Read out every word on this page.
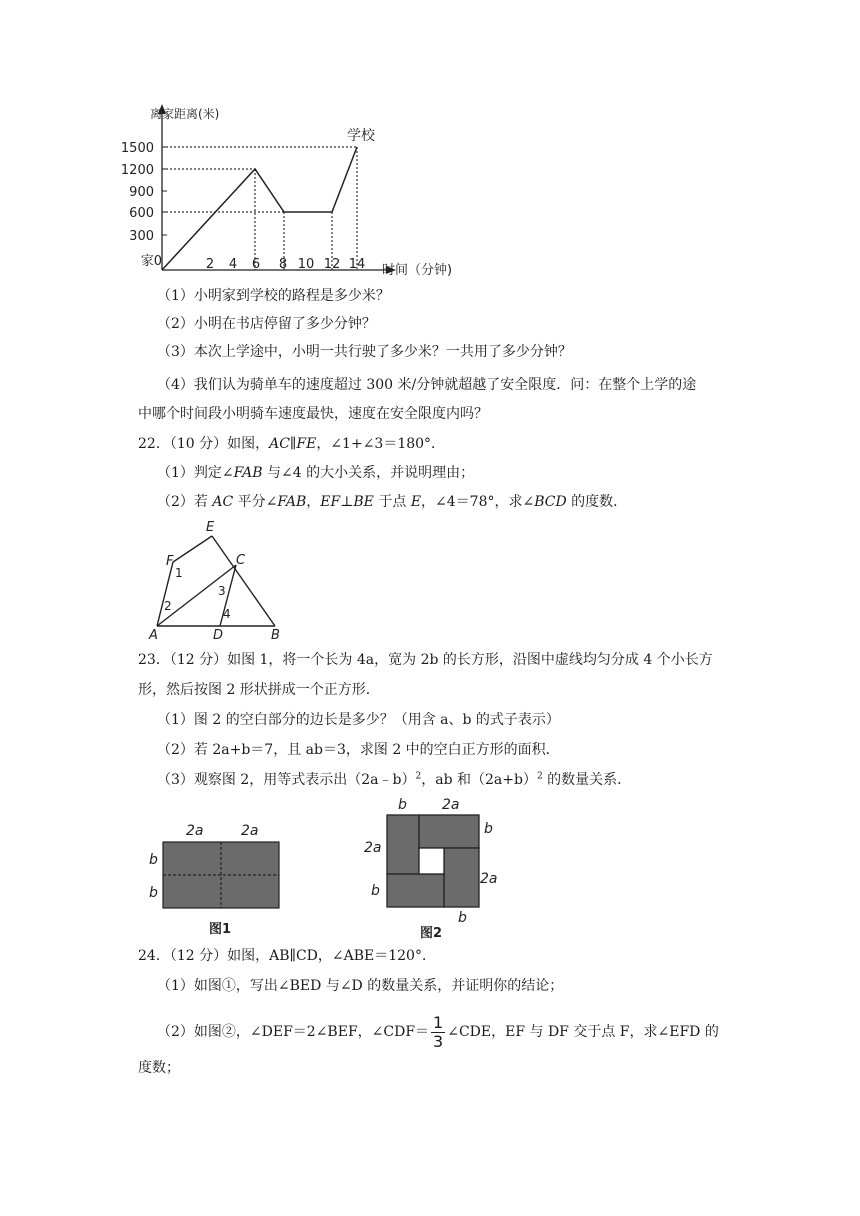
离家距离(米)
1500
1200
900
600
300
家0	2 4 6 8 10 12 14 时间（分钟)
学校
（1）小明家到学校的路程是多少米？
（2）小明在书店停留了多少分钟？
（3）本次上学途中，小明一共行驶了多少米？一共用了多少分钟？
（4）我们认为骑单车的速度超过 300 米/分钟就超越了安全限度．问：在整个上学的途
中哪个时间段小明骑车速度最快，速度在安全限度内吗？
22．（10 分）如图，AC∥FE，∠1+∠3＝180°．
（1）判定∠FAB 与∠4 的大小关系，并说明理由；
（2）若 AC 平分∠FAB，EF⊥BE 于点 E，∠4＝78°，求∠BCD 的度数．
E
F	C
A	D	B
1
2
3
4
23．（12 分）如图 1，将一个长为 4a，宽为 2b 的长方形，沿图中虚线均匀分成 4 个小长方
形，然后按图 2 形状拼成一个正方形．
（1）图 2 的空白部分的边长是多少？（用含 a、b 的式子表示）
（2）若 2a+b＝7，且 ab＝3，求图 2 中的空白正方形的面积．
（3）观察图 2，用等式表示出（2a﹣b）$^2$，ab 和$(2a+b)^2$ 的数量关系．
2a	2a
b
b
图1
b	2a
b
2a
2a
b
b
图2
24．（12 分）如图，AB∥CD，∠ABE＝120°．
（1）如图①，写出∠BED 与∠D 的数量关系，并证明你的结论；
（2）如图②，∠DEF＝2∠BEF，∠CDF＝ $\frac{1}{3}$ ∠CDE，EF 与 DF 交于点 F，求∠EFD 的
度数；
